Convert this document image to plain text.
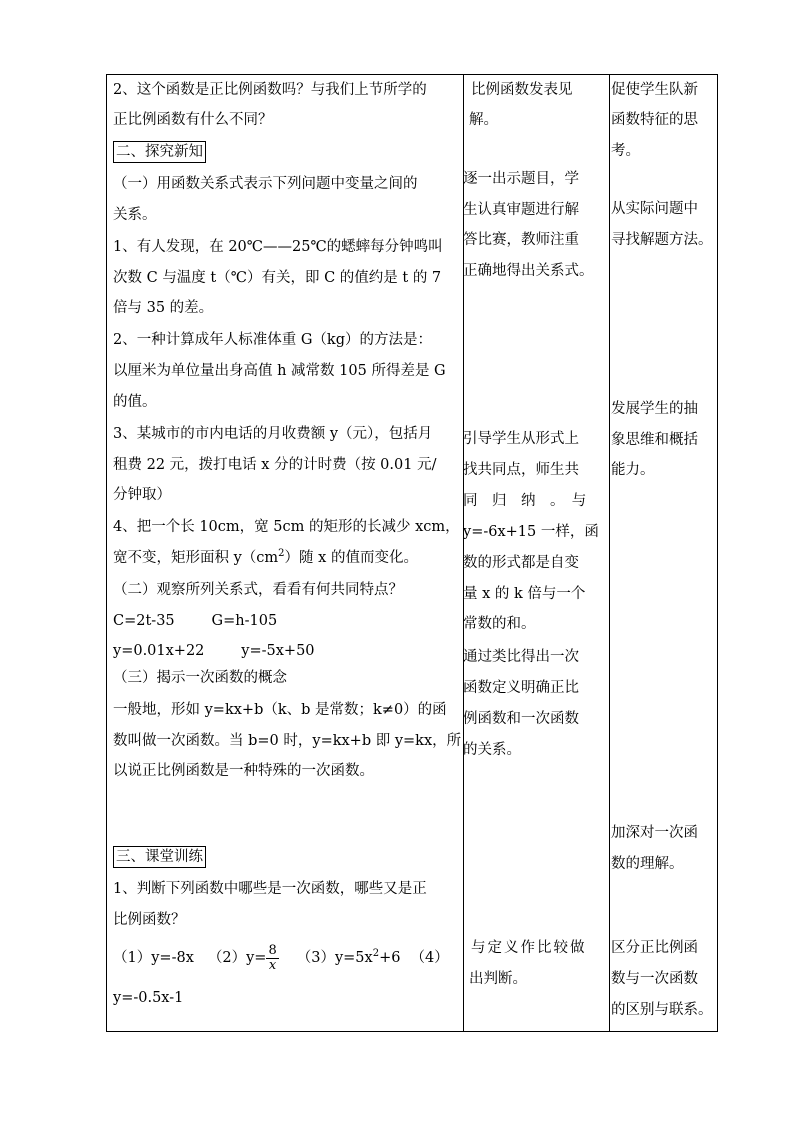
2、这个函数是正比例函数吗？与我们上节所学的
正比例函数有什么不同？
二、探究新知
（一）用函数关系式表示下列问题中变量之间的
关系。
1、有人发现，在 20℃——25℃的蟋蟀每分钟鸣叫
次数 C 与温度 t（℃）有关，即 C 的值约是 t 的 7
倍与 35 的差。
2、一种计算成年人标准体重 G（kg）的方法是：
以厘米为单位量出身高值 h 减常数 105 所得差是 G
的值。
3、某城市的市内电话的月收费额 y（元），包括月
租费 22 元，拨打电话 x 分的计时费（按 0.01 元/
分钟取）
4、把一个长 10cm，宽 5cm 的矩形的长减少 xcm，
宽不变，矩形面积 $y(cm^2)$随 x 的值而变化。
（二）观察所列关系式，看看有何共同特点？
C=2t-35        G=h-105
y=0.01x+22        y=-5x+50
（三）揭示一次函数的概念
一般地，形如 y=kx+b（k、b 是常数；k≠0）的函
数叫做一次函数。当 b=0 时，y=kx+b 即 y=kx，所
以说正比例函数是一种特殊的一次函数。
三、课堂训练
1、判断下列函数中哪些是一次函数，哪些又是正
比例函数？
（1）y=-8x $(2)y= \frac{8}{x} (3)y=5x^2+6$ （4）
y=-0.5x-1
比例函数发表见
解。
逐一出示题目，学
生认真审题进行解
答比赛，教师注重
正确地得出关系式。
引导学生从形式上
找共同点，师生共
同　归　纳　。　与
y=-6x+15 一样，函
数的形式都是自变
量 x 的 k 倍与一个
常数的和。
通过类比得出一次
函数定义明确正比
例函数和一次函数
的关系。
与定义作比较做
出判断。
促使学生队新
函数特征的思
考。
从实际问题中
寻找解题方法。
发展学生的抽
象思维和概括
能力。
加深对一次函
数的理解。
区分正比例函
数与一次函数
的区别与联系。
